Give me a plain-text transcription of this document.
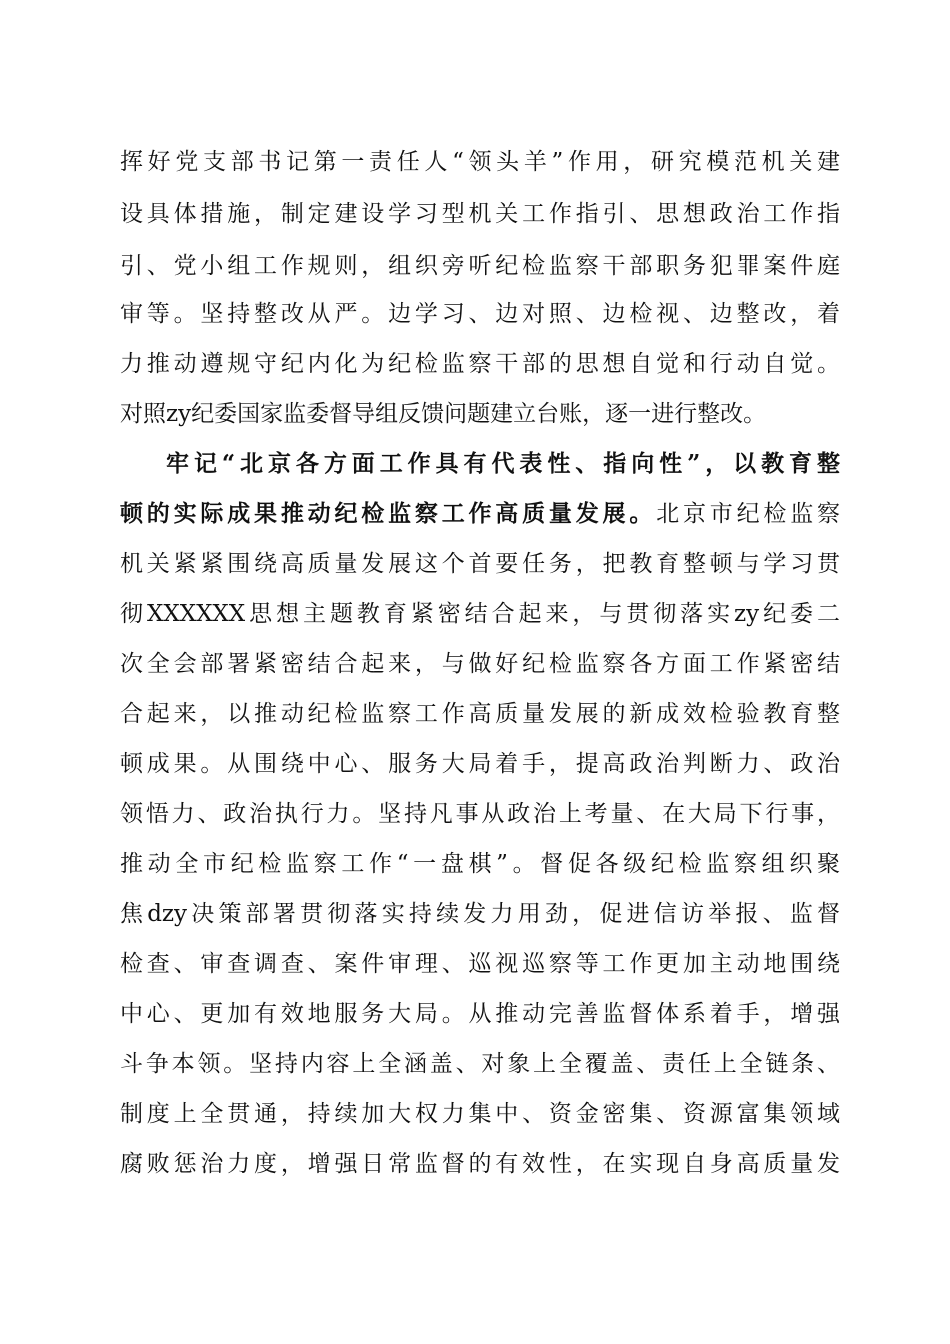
挥好党支部书记第一责任人“领头羊”作用，研究模范机关建
设具体措施，制定建设学习型机关工作指引、思想政治工作指
引、党小组工作规则，组织旁听纪检监察干部职务犯罪案件庭
审等。坚持整改从严。边学习、边对照、边检视、边整改，着
力推动遵规守纪内化为纪检监察干部的思想自觉和行动自觉。
对照zy纪委国家监委督导组反馈问题建立台账，逐一进行整改。
牢记“北京各方面工作具有代表性、指向性”，以教育整
顿的实际成果推动纪检监察工作高质量发展。北京市纪检监察
机关紧紧围绕高质量发展这个首要任务，把教育整顿与学习贯
彻XXXXXX思想主题教育紧密结合起来，与贯彻落实zy纪委二
次全会部署紧密结合起来，与做好纪检监察各方面工作紧密结
合起来，以推动纪检监察工作高质量发展的新成效检验教育整
顿成果。从围绕中心、服务大局着手，提高政治判断力、政治
领悟力、政治执行力。坚持凡事从政治上考量、在大局下行事，
推动全市纪检监察工作“一盘棋”。督促各级纪检监察组织聚
焦dzy决策部署贯彻落实持续发力用劲，促进信访举报、监督
检查、审查调查、案件审理、巡视巡察等工作更加主动地围绕
中心、更加有效地服务大局。从推动完善监督体系着手，增强
斗争本领。坚持内容上全涵盖、对象上全覆盖、责任上全链条、
制度上全贯通，持续加大权力集中、资金密集、资源富集领域
腐败惩治力度，增强日常监督的有效性，在实现自身高质量发
